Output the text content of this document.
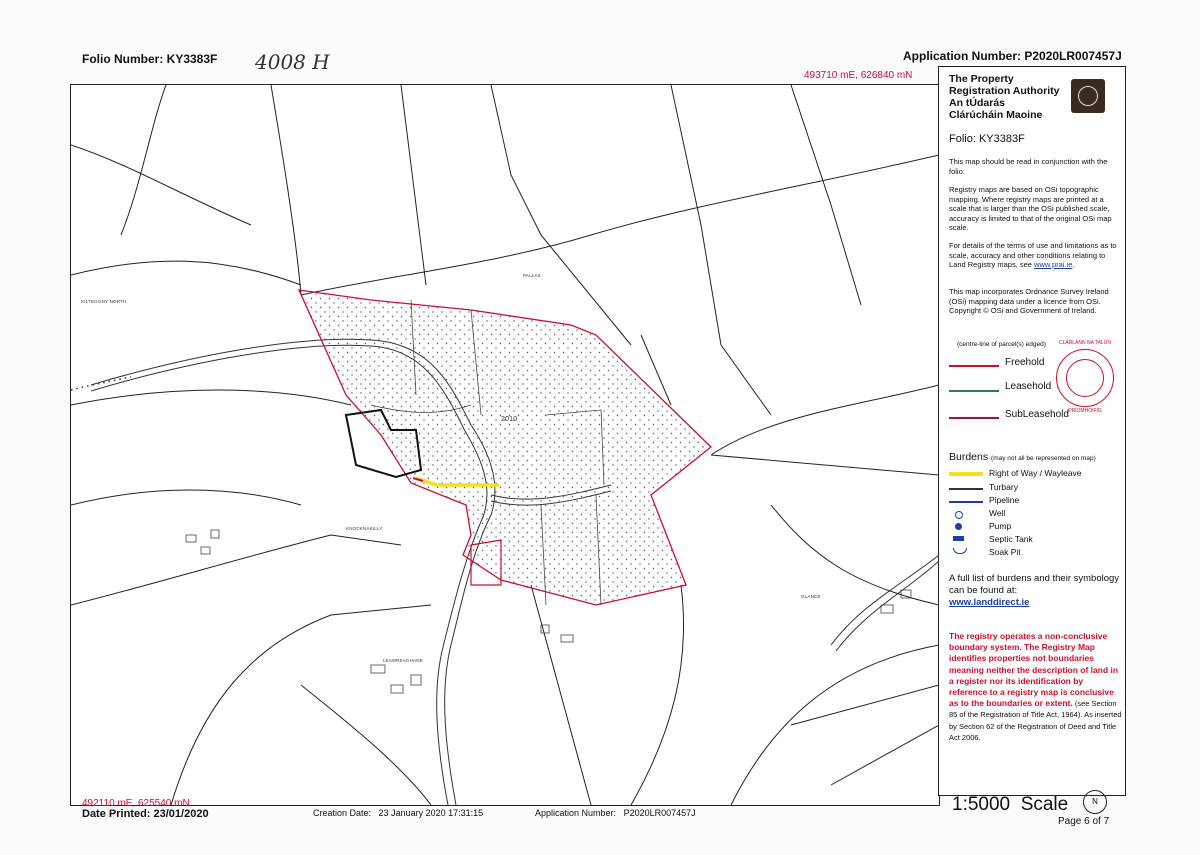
Folio Number: KY3383F 4008 H	Application Number: P2020LR007457J
493710 mE, 626840 mN
PALLAS
KILTEGONY NORTH
KNOCKNAKILLY
LEAMREAGHANE
GLANCE
2010
The Property
Registration Authority
An tÚdarás
Clárúcháin Maoine
Folio: KY3383F
This map should be read in conjunction with the folio.
Registry maps are based on OSi topographic mapping. Where registry maps are printed at a scale that is larger than the OSi published scale, accuracy is limited to that of the original OSi map scale.
For details of the terms of use and limitations as to scale, accuracy and other conditions relating to Land Registry maps, see www.prai.ie.
This map incorporates Ordnance Survey Ireland (OSi) mapping data under a licence from OSi. Copyright © OSi and Government of Ireland.
(centre-line of parcel(s) edged)
Freehold
Leasehold
SubLeasehold
CLÁRLANN NA TALÚN
PRÍOMHOIFIG
Burdens (may not all be represented on map)
Right of Way / Wayleave
Turbary
Pipeline
Well
Pump
Septic Tank
Soak Pit
A full list of burdens and their symbology can be found at:
www.landdirect.ie
The registry operates a non-conclusive boundary system. The Registry Map identifies properties not boundaries meaning neither the description of land in a register nor its identification by reference to a registry map is conclusive as to the boundaries or extent. (see Section 85 of the Registration of Title Act, 1964). As inserted by Section 62 of the Registration of Deed and Title Act 2006.
492110 mE, 625540 mN
Date Printed: 23/01/2020	Creation Date: 23 January 2020 17:31:15	Application Number: P2020LR007457J	1:5000 Scale	N
Page 6 of 7
